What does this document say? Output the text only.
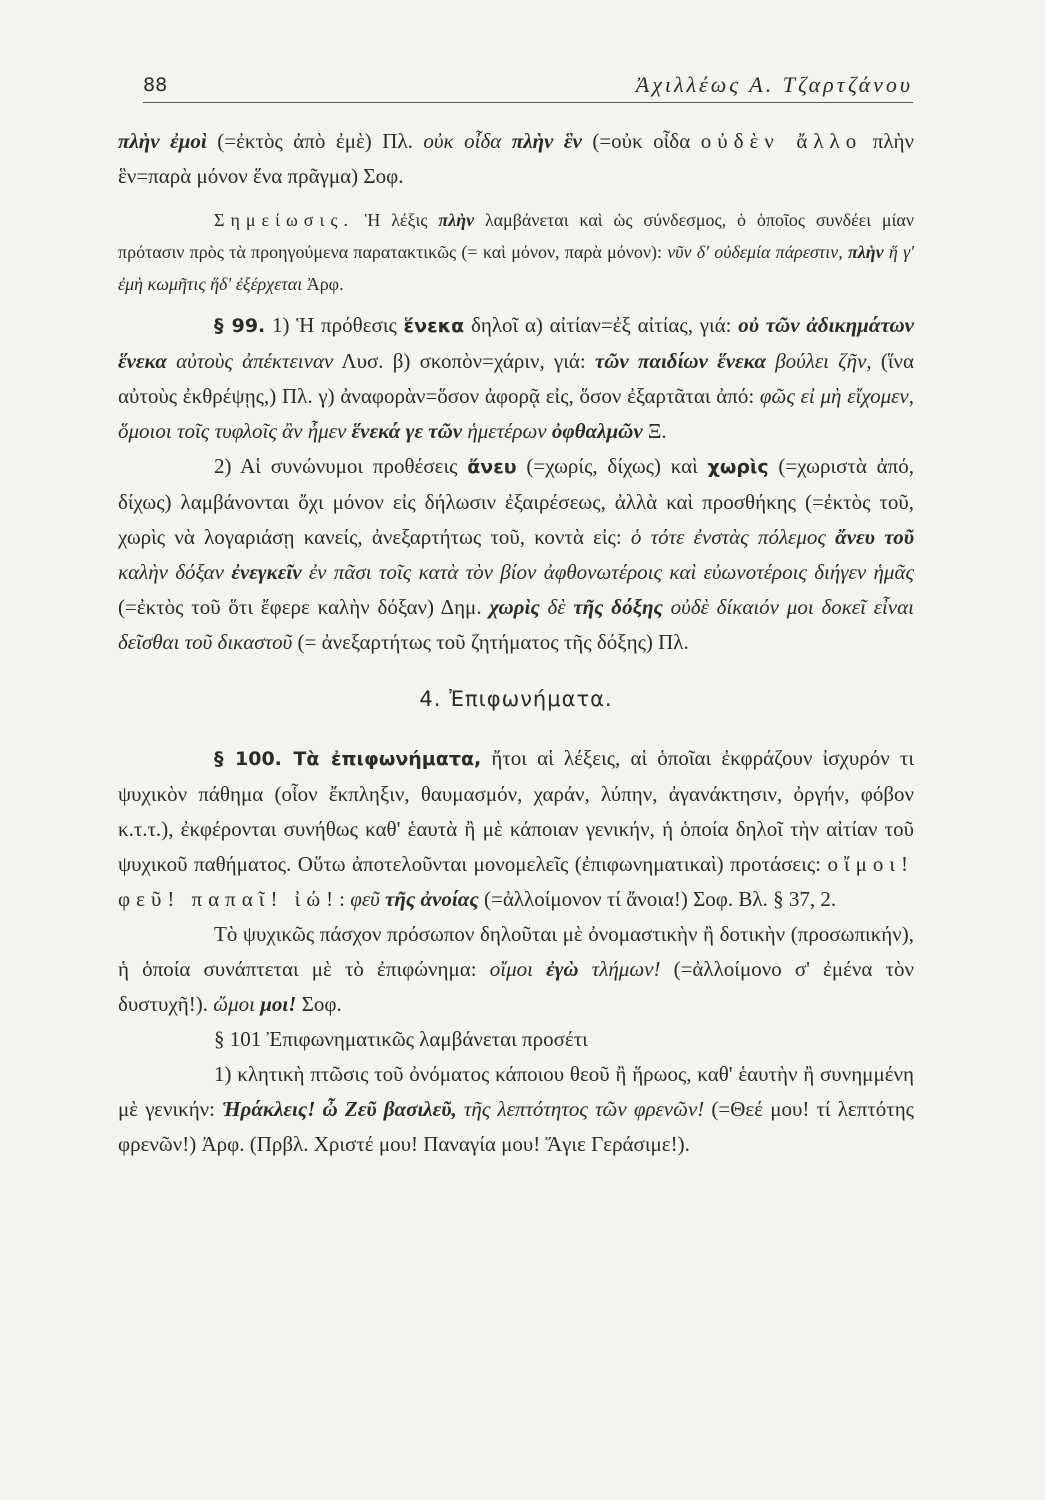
88	Ἀχιλλέως Α. Τζαρτζάνου

πλὴν ἐμοὶ (=ἐκτὸς ἀπὸ ἐμὲ) Πλ. οὐκ οἶδα πλὴν ἓν (=οὐκ οἶδα οὐδὲν ἄλλο πλὴν ἓν=παρὰ μόνον ἕνα πρᾶγμα) Σοφ.

Σημείωσις. Ἡ λέξις πλὴν λαμβάνεται καὶ ὡς σύνδεσμος, ὁ ὁποῖος συνδέει μίαν πρότασιν πρὸς τὰ προηγούμενα παρατακτικῶς (= καὶ μόνον, παρὰ μόνον): νῦν δ' οὐδεμία πάρεστιν, πλὴν ἥ γ' ἐμὴ κωμῆτις ἥδ' ἐξέρχεται Ἀρφ.

§ 99. 1) Ἡ πρόθεσις ἕνεκα δηλοῖ α) αἰτίαν=ἐξ αἰτίας, γιά: οὐ τῶν ἀδικημάτων ἕνεκα αὐτοὺς ἀπέκτειναν Λυσ. β) σκοπὸν=χάριν, γιά: τῶν παιδίων ἕνεκα βούλει ζῆν, (ἵνα αὐτοὺς ἐκθρέψῃς,) Πλ. γ) ἀναφορὰν=ὅσον ἀφορᾷ εἰς, ὅσον ἐξαρτᾶται ἀπό: φῶς εἰ μὴ εἴχομεν, ὅμοιοι τοῖς τυφλοῖς ἂν ἦμεν ἕνεκά γε τῶν ἡμετέρων ὀφθαλμῶν Ξ.

2) Αἱ συνώνυμοι προθέσεις ἄνευ (=χωρίς, δίχως) καὶ χωρὶς (=χωριστὰ ἀπό, δίχως) λαμβάνονται ὄχι μόνον εἰς δήλωσιν ἐξαιρέσεως, ἀλλὰ καὶ προσθήκης (=ἐκτὸς τοῦ, χωρὶς νὰ λογαριάσῃ κανείς, ἀνεξαρτήτως τοῦ, κοντὰ εἰς: ὁ τότε ἐνστὰς πόλεμος ἄνευ τοῦ καλὴν δόξαν ἐνεγκεῖν ἐν πᾶσι τοῖς κατὰ τὸν βίον ἀφθονωτέροις καὶ εὐωνοτέροις διήγεν ἡμᾶς (=ἐκτὸς τοῦ ὅτι ἔφερε καλὴν δόξαν) Δημ. χωρὶς δὲ τῆς δόξης οὐδὲ δίκαιόν μοι δοκεῖ εἶναι δεῖσθαι τοῦ δικαστοῦ (= ἀνεξαρτήτως τοῦ ζητήματος τῆς δόξης) Πλ.

4. Ἐπιφωνήματα.

§ 100. Τὰ ἐπιφωνήματα, ἤτοι αἱ λέξεις, αἱ ὁποῖαι ἐκφράζουν ἰσχυρόν τι ψυχικὸν πάθημα (οἷον ἔκπληξιν, θαυμασμόν, χαράν, λύπην, ἀγανάκτησιν, ὀργήν, φόβον κ.τ.τ.), ἐκφέρονται συνήθως καθ' ἑαυτὰ ἢ μὲ κάποιαν γενικήν, ἡ ὁποία δηλοῖ τὴν αἰτίαν τοῦ ψυχικοῦ παθήματος. Οὕτω ἀποτελοῦνται μονομελεῖς (ἐπιφωνηματικαὶ) προτάσεις: οἴμοι! φεῦ! παπαῖ! ἰώ!: φεῦ τῆς ἀνοίας (=ἀλλοίμονον τί ἄνοια!) Σοφ. Βλ. § 37, 2.

Τὸ ψυχικῶς πάσχον πρόσωπον δηλοῦται μὲ ὀνομαστικὴν ἢ δοτικὴν (προσωπικήν), ἡ ὁποία συνάπτεται μὲ τὸ ἐπιφώνημα: οἴμοι ἐγὼ τλήμων! (=ἀλλοίμονο σ' ἐμένα τὸν δυστυχῆ!). ὤμοι μοι! Σοφ.

§ 101 Ἐπιφωνηματικῶς λαμβάνεται προσέτι

1) κλητικὴ πτῶσις τοῦ ὀνόματος κάποιου θεοῦ ἢ ἥρωος, καθ' ἑαυτὴν ἢ συνημμένη μὲ γενικήν: Ἡράκλεις! ὦ Ζεῦ βασιλεῦ, τῆς λεπτότητος τῶν φρενῶν! (=Θεέ μου! τί λεπτότης φρενῶν!) Ἀρφ. (Πρβλ. Χριστέ μου! Παναγία μου! Ἅγιε Γεράσιμε!).
